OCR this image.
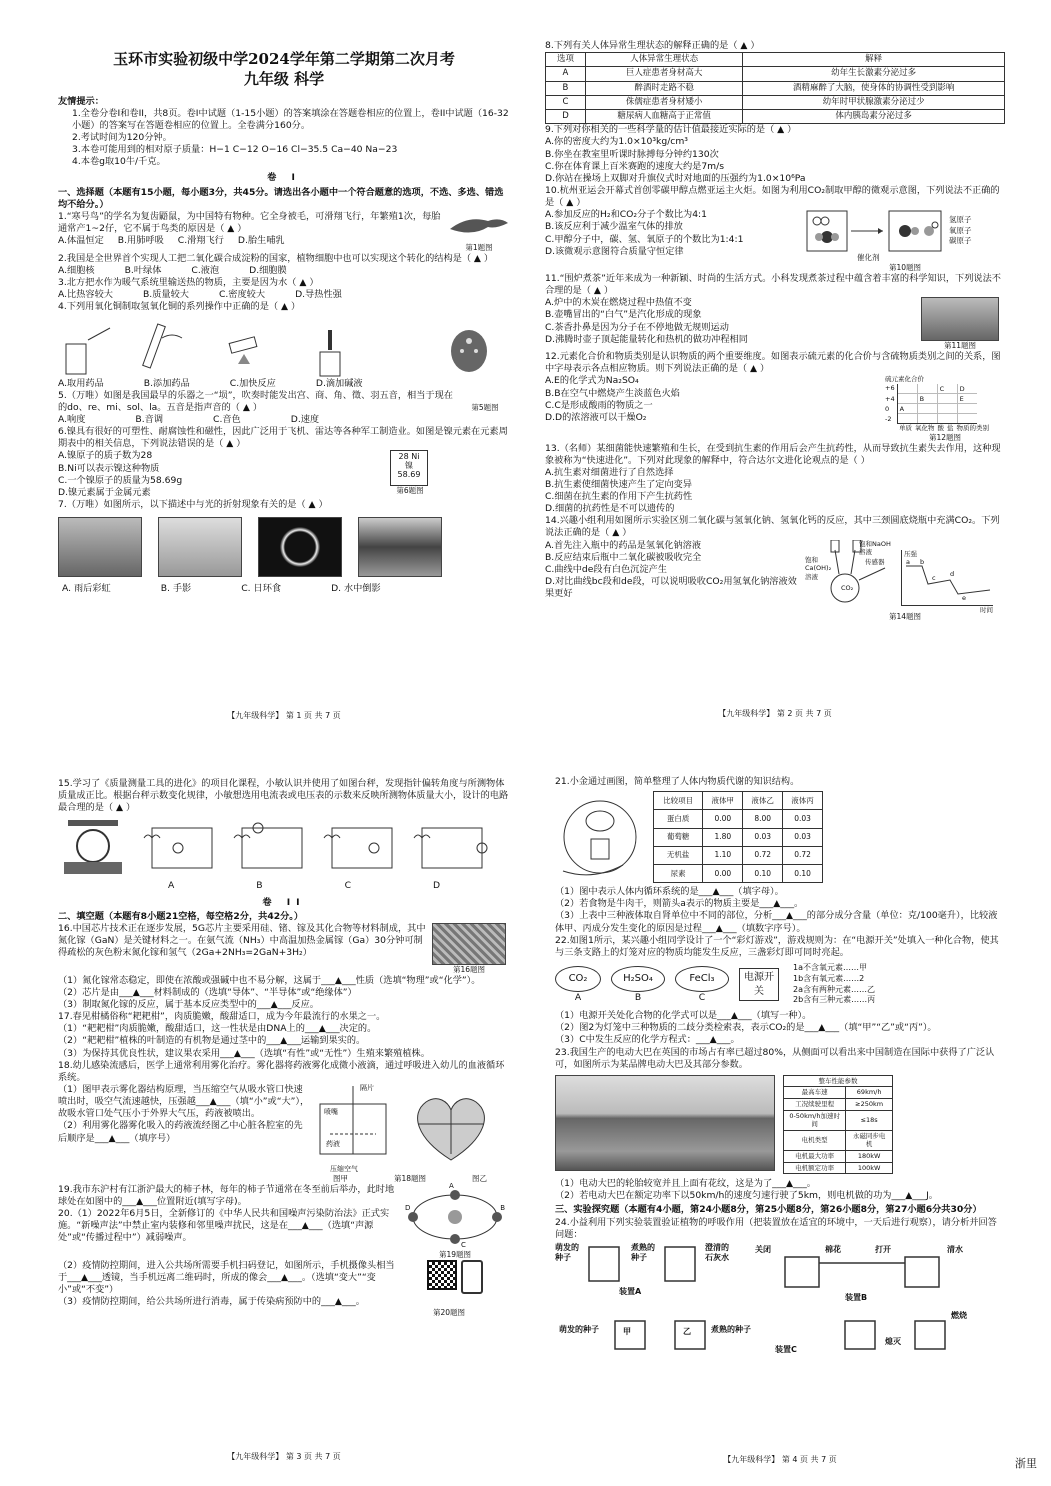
玉环市实验初级中学2024学年第二学期第二次月考
九年级 科学
友情提示：

1.全卷分卷I和卷II，共8页。卷I中试题（1-15小题）的答案填涂在答题卷相应的位置上，卷II中试题（16-32小题）的答案写在答题卷相应的位置上。全卷满分160分。

2.考试时间为120分钟。

3.本卷可能用到的相对原子质量：H−1 C−12 O−16 Cl−35.5 Ca−40 Na−23

4.本卷g取10牛/千克。

卷 I

一、选择题（本题有15小题，每小题3分，共45分。请选出各小题中一个符合题意的选项，不选、多选、错选均不给分。）

1.“寒号鸟”的学名为复齿鼯鼠，为中国特有物种。它全身被毛，可滑翔飞行，年繁殖1次，每胎通常产1~2仔，它不属于鸟类的原因是（ ▲ ）

A.体温恒定 B.用肺呼吸 C.滑翔飞行 D.胎生哺乳
第1题图

2.我国是全世界首个实现人工把二氧化碳合成淀粉的国家，植物细胞中也可以实现这个转化的结构是（ ▲ ）

A.细胞核	B.叶绿体	C.液泡	D.细胞膜

3.北方把水作为暖气系统里输送热的物质，主要是因为水（ ▲ ）

A.比热容较大	B.质量较大	C.密度较大	D.导热性强

4.下列用氧化铜制取氢氧化铜的系列操作中正确的是（ ▲ ）

A.取用药品	B.添加药品	C.加快反应	D.滴加碱液

5.（万唯）如图是我国最早的乐器之一“埙”，吹奏时能发出宫、商、角、徵、羽五音，相当于现在的do、re、mi、sol、la。五音是指声音的（ ▲ ）

A.响度	B.音调	C.音色	D.速度
第5题图

6.镍具有很好的可塑性、耐腐蚀性和磁性，因此广泛用于飞机、雷达等各种军工制造业。如图是镍元素在元素周期表中的相关信息，下列说法错误的是（ ▲ ）

A.镍原子的质子数为28

B.Ni可以表示镍这种物质

C.一个镍原子的质量为58.69g

D.镍元素属于金属元素

28 Ni
镍
58.69
第6题图

7.（万唯）如图所示，以下描述中与光的折射现象有关的是（ ▲ ）

A. 雨后彩虹	B. 手影	C. 日环食	D. 水中倒影
【九年级科学】 第 1 页 共 7 页

8.下列有关人体异常生理状态的解释正确的是（ ▲ ）

选项	人体异常生理状态	解释
A	巨人症患者身材高大	幼年生长激素分泌过多
B	醉酒时走路不稳	酒精麻醉了大脑，使身体的协调性受到影响
C	侏儒症患者身材矮小	幼年时甲状腺激素分泌过少
D	糖尿病人血糖高于正常值	体内胰岛素分泌过多

9.下列对你相关的一些科学量的估计值最接近实际的是（ ▲ ）

A.你的密度大约为1.0×10³kg/cm³

B.你坐在教室里听课时脉搏每分钟约130次

C.你在体育课上百米赛跑的速度大约是7m/s

D.你站在操场上双脚对升旗仪式时对地面的压强约为1.0×10⁶Pa

10.杭州亚运会开幕式首创零碳甲醇点燃亚运主火炬。如图为利用CO₂制取甲醇的微观示意图，下列说法不正确的是（ ▲ ）

A.参加反应的H₂和CO₂分子个数比为4:1

B.该反应利于减少温室气体的排放

C.甲醇分子中，碳、氢、氧原子的个数比为1:4:1

D.该微观示意图符合质量守恒定律

氢原子
氧原子
碳原子
催化剂
第10题图

11.“围炉煮茶”近年来成为一种新颖、时尚的生活方式。小科发现煮茶过程中蕴含着丰富的科学知识，下列说法不合理的是（ ▲ ）

A.炉中的木炭在燃烧过程中热值不变

B.壶嘴冒出的“白气”是汽化形成的现象

C.茶香扑鼻是因为分子在不停地做无规则运动

D.沸腾时壶子顶起能量转化和热机的做功冲程相同

第11题图

12.元素化合价和物质类别是认识物质的两个重要维度。如图表示硫元素的化合价与含硫物质类别之间的关系，图中字母表示各点相应物质。则下列说法正确的是（ ▲ ）

A.E的化学式为Na₂SO₄

B.B在空气中燃烧产生淡蓝色火焰

C.C是形成酸雨的物质之一

D.D的浓溶液可以干燥O₂

硫元素化合价
+6
+4
0
-2
A
B
C D
E
单质 氧化物 酸 盐 物质的类别
第12题图

13.（名师）某细菌能快速繁殖和生长，在受到抗生素的作用后会产生抗药性，从而导致抗生素失去作用，这种现象被称为“快速进化”。下列对此现象的解释中，符合达尔文进化论观点的是（ ）

A.抗生素对细菌进行了自然选择

B.抗生素使细菌快速产生了定向变异

C.细菌在抗生素的作用下产生抗药性

D.细菌的抗药性是不可以遗传的

14.兴趣小组利用如图所示实验区别二氧化碳与氢氧化钠、氢氧化钙的反应，其中三颈圆底烧瓶中充满CO₂。下列说法正确的是（ ▲ ）

A.首先注入瓶中的药品是氢氧化钠溶液

B.反应结束后瓶中二氧化碳被吸收完全

C.曲线中de段有白色沉淀产生

D.对比曲线bc段和de段，可以说明吸收CO₂用氢氧化钠溶液效果更好

CO₂
饱和NaOH溶液
饱和Ca(OH)₂溶液
传感器
压强
a b
c d
e
时间
第14题图
【九年级科学】 第 2 页 共 7 页

15.学习了《质量测量工具的进化》的项目化课程，小敏认识并使用了如图台秤，发现指针偏转角度与所测物体质量成正比。根据台秤示数变化规律，小敏想选用电流表或电压表的示数来反映所测物体质量大小，设计的电路最合理的是（ ▲ ）

A	B	C	D
卷 II

二、填空题（本题有8小题21空格，每空格2分，共42分。）

16.中国芯片技术正在逐步发展，5G芯片主要采用硅、锗、镓及其化合物等材料制成，其中氮化镓（GaN）是关键材料之一。在氨气流（NH₃）中高温加热金属镓（Ga）30分钟可制得疏松的灰色粉末氮化镓和氢气（2Ga+2NH₃=2GaN+3H₂）

第16题图

（1）氮化镓常态稳定，即使在浓酸或强碱中也不易分解，这属于___▲___性质（选填“物理”或“化学”）。

（2）芯片是由___▲___材料制成的（选填“导体”、“半导体”或“绝缘体”）

（3）制取氮化镓的反应，属于基本反应类型中的___▲___反应。

17.春见柑橘俗称“耙耙柑”，肉质脆嫩，酸甜适口，成为今年最流行的水果之一。

（1）“耙耙柑”肉质脆嫩，酸甜适口，这一性状是由DNA上的___▲___决定的。

（2）“耙耙柑”植株的叶制造的有机物是通过茎中的___▲___运输到果实的。

（3）为保持其优良性状，建议果农采用___▲___（选填“有性”或“无性”）生殖来繁殖植株。

18.幼儿感染流感后，医学上通常利用雾化治疗。雾化器将药液雾化成微小液滴，通过呼吸进入幼儿的血液循环系统。

（1）图甲表示雾化器结构原理，当压缩空气从吸水管口快速喷出时，吸空气流速越快，压强越___▲___（填“小”或“大”），故吸水管口处气压小于外界大气压，药液被喷出。

（2）利用雾化器雾化吸入的药液流经图乙中心脏各腔室的先后顺序是___▲___（填序号）

隔片
喷嘴
药液
压缩空气
图甲	第18题图	图乙

19.我市东沪村有江浙沪最大的柿子林，每年的柿子节通常在冬至前后举办，此时地球处在如图中的___▲___位置附近(填写字母)。

20.（1）2022年6月5日，全新修订的《中华人民共和国噪声污染防治法》正式实施。“新噪声法”中禁止室内装修和邻里噪声扰民，这是在___▲___（选填“声源处”或“传播过程中”）减弱噪声。

A
B
C
D
第19题图

（2）疫情防控期间，进入公共场所需要手机扫码登记，如图所示，手机摄像头相当于___▲___透镜，当手机远离二维码时，所成的像会___▲___。（选填“变大”“变小”或“不变”）

（3）疫情防控期间，给公共场所进行消毒，属于传染病预防中的___▲___。

第20题图
【九年级科学】 第 3 页 共 7 页

21.小金通过画图，简单整理了人体内物质代谢的知识结构。

比较项目	液体甲	液体乙	液体丙
蛋白质	0.00	8.00	0.03
葡萄糖	1.80	0.03	0.03
无机盐	1.10	0.72	0.72
尿素	0.00	0.10	0.10

（1）图中表示人体内循环系统的是___▲___（填字母）。

（2）若食物是牛肉干，则箭头a表示的物质主要是___▲___。

（3）上表中三种液体取自肾单位中不同的部位，分析___▲___的部分成分含量（单位：克/100毫升），比较液体甲、丙成分发生变化的原因是过程___▲___（填数字序号）。

22.如图1所示，某兴趣小组同学设计了一个“彩灯游戏”，游戏规则为：在“电源开关”处填入一种化合物，使其与三条支路上的灯笼对应的物质均能发生反应，三盏彩灯即可同时亮起。

CO₂
A
H₂SO₄
B
FeCl₃
C
电源开关
1a不含氧元素……甲
1b含有氧元素……2
2a含有两种元素……乙
2b含有三种元素……丙

（1）电源开关处化合物的化学式可以是___▲___（填写一种）。

（2）图2为灯笼中三种物质的二歧分类检索表，表示CO₂的是___▲___（填“甲”“乙”或“丙”）。

（3）C中发生反应的化学方程式：___▲___。

23.我国生产的电动大巴在英国的市场占有率已超过80%，从侧面可以看出来中国制造在国际中获得了广泛认可，如图所示为某品牌电动大巴及其部分参数。

整车性能参数	
最高车速	69km/h
工况续驶里程	≥250km
0-50km/h加速时间	≤18s
电机类型	永磁同步电机
电机最大功率	180kW
电机额定功率	100kW

（1）电动大巴的轮胎较宽并且上面有花纹，这是为了___▲___。

（2）若电动大巴在额定功率下以50km/h的速度匀速行驶了5km，则电机做的功为___▲___J。

三、实验探究题（本题有4小题，第24小题8分，第25小题8分，第26小题8分，第27小题6分共30分）

24.小益利用下列实验装置验证植物的呼吸作用（把装置放在适宜的环境中，一天后进行观察），请分析并回答问题：

萌发的种子
煮熟的种子
澄清的石灰水
关闭	棉花	打开	清水
燃烧
熄灭
甲	乙
萌发的种子	煮熟的种子
装置A
装置B
装置C
【九年级科学】 第 4 页 共 7 页	浙里
